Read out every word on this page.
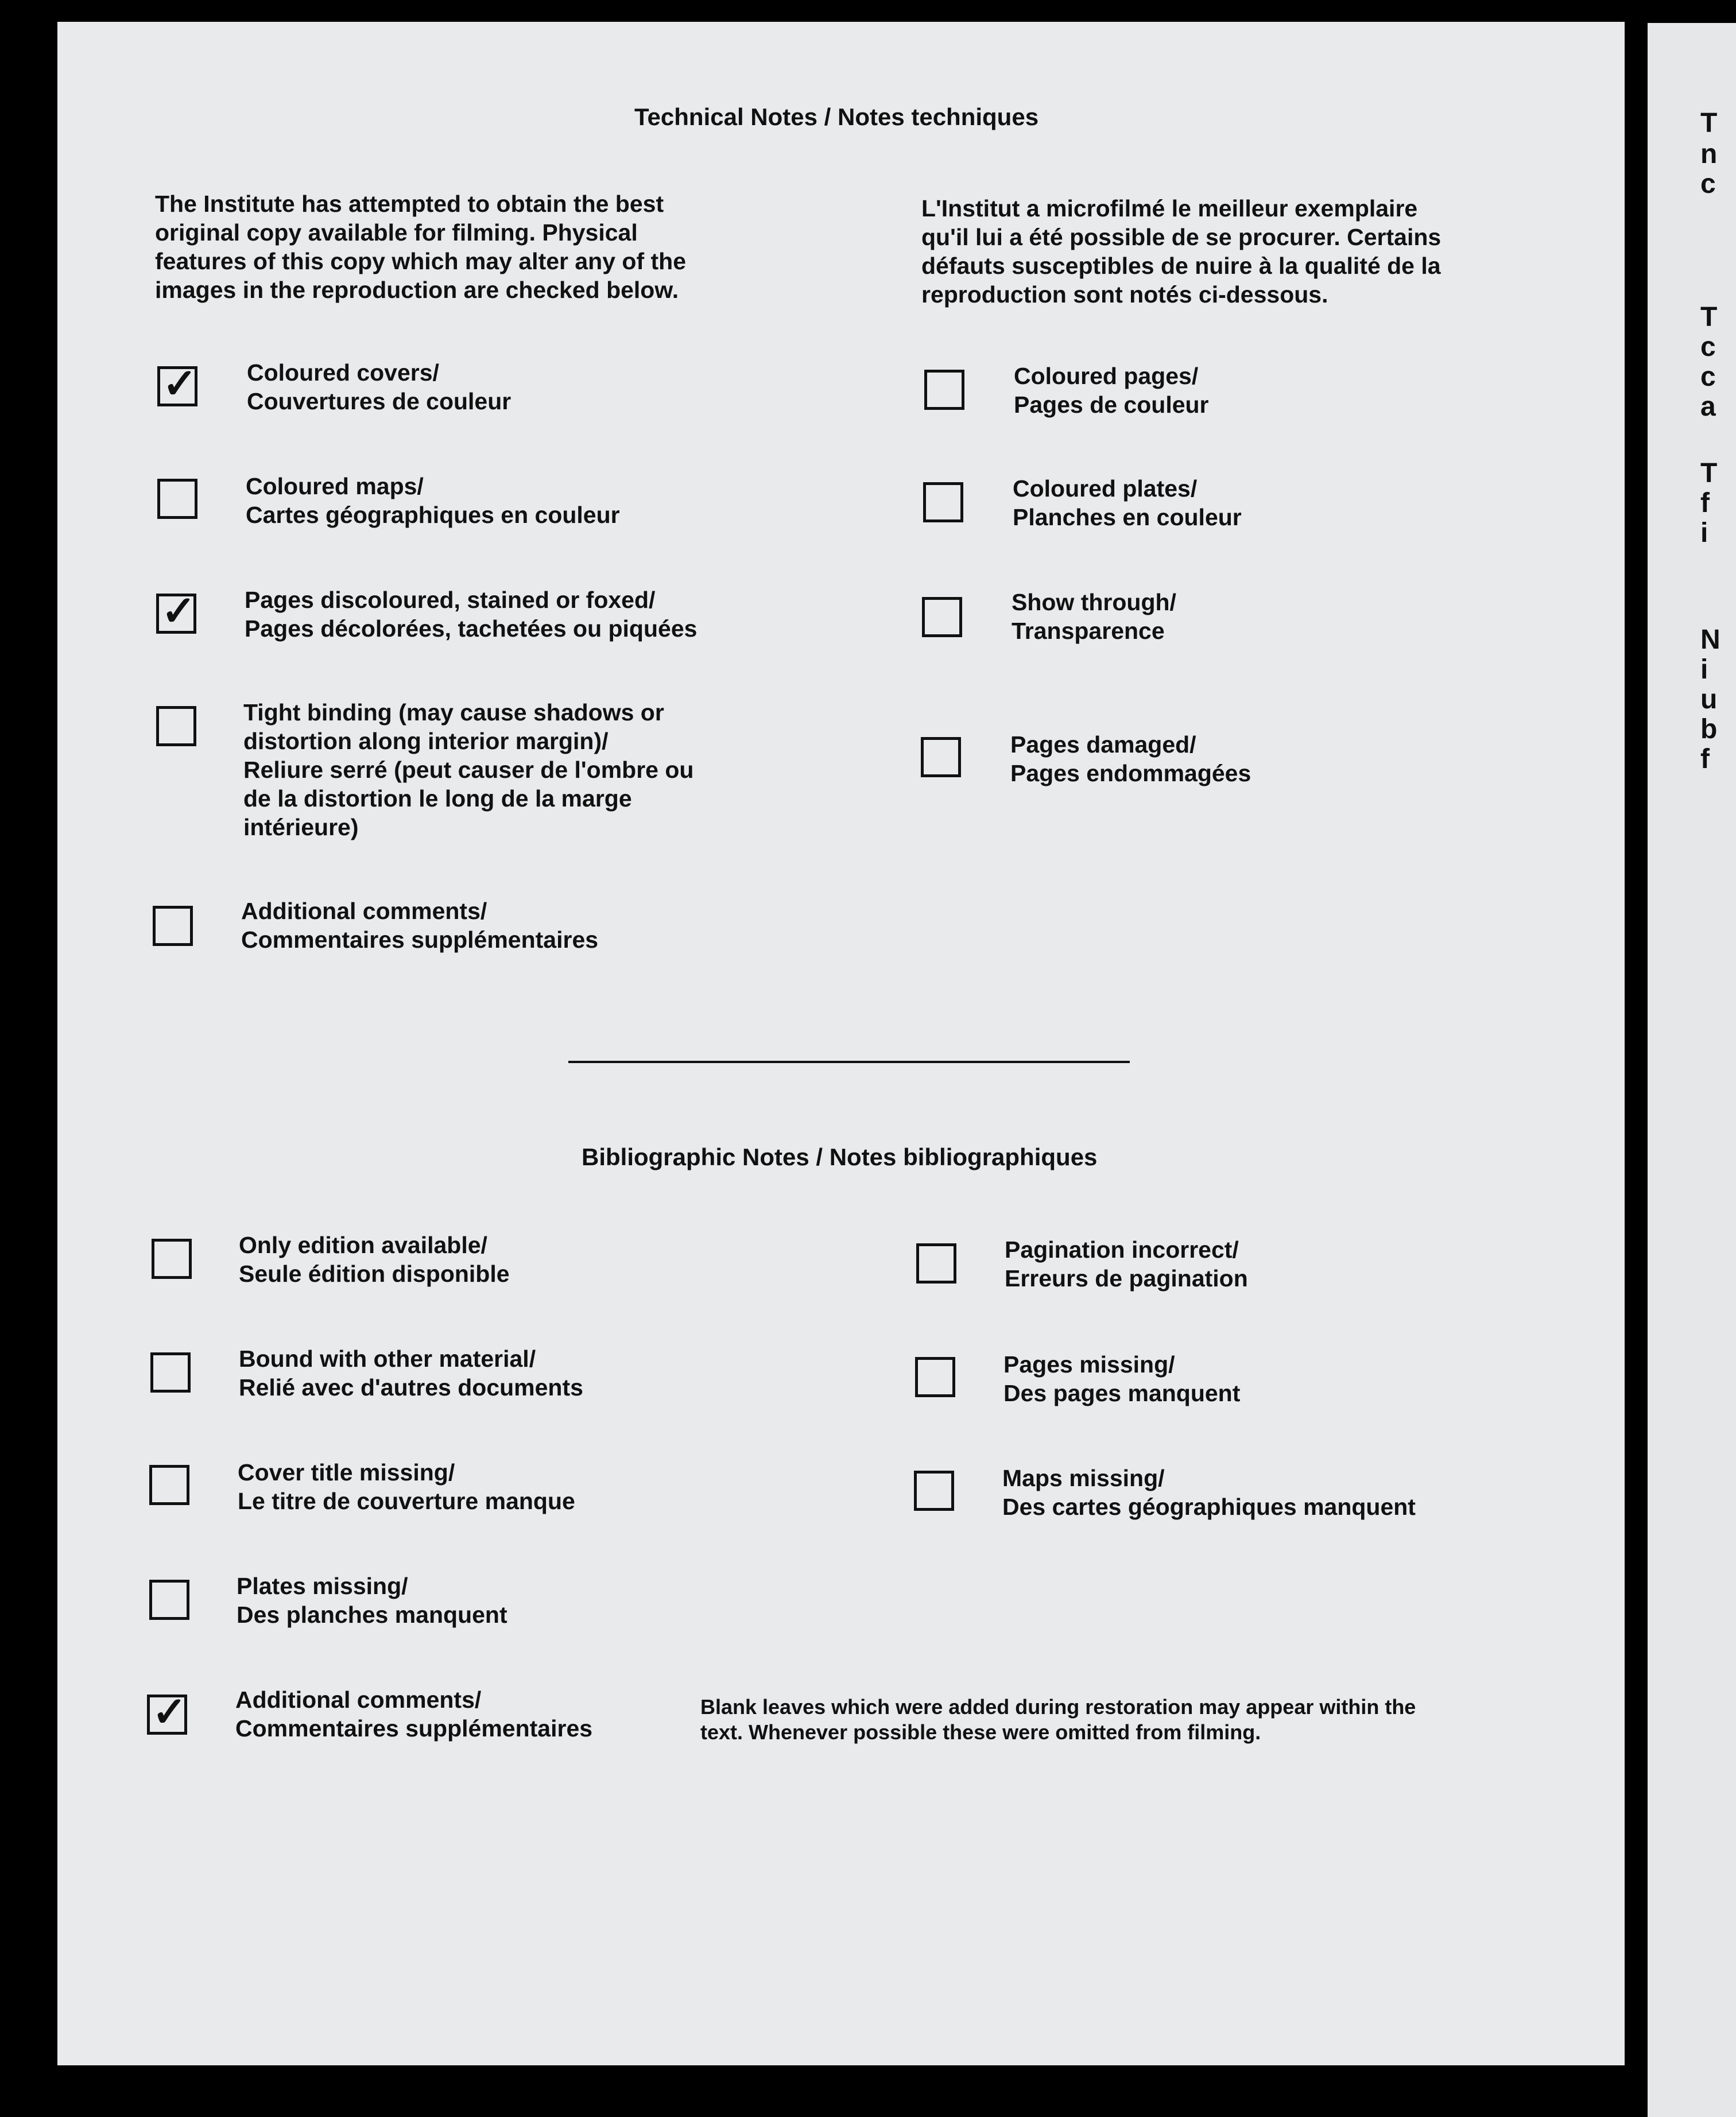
T
n
c
T
c
c
a
T
f
i
N
i
u
b
f
Technical Notes / Notes techniques
The Institute has attempted to obtain the best
original copy available for filming. Physical
features of this copy which may alter any of the
images in the reproduction are checked below.
L'Institut a microfilmé le meilleur exemplaire
qu'il lui a été possible de se procurer. Certains
défauts susceptibles de nuire à la qualité de la
reproduction sont notés ci-dessous.
✓ Coloured covers/
Couvertures de couleur
Coloured maps/
Cartes géographiques en couleur
✓ Pages discoloured, stained or foxed/
Pages décolorées, tachetées ou piquées
Tight binding (may cause shadows or
distortion along interior margin)/
Reliure serré (peut causer de l'ombre ou
de la distortion le long de la marge
intérieure)
Additional comments/
Commentaires supplémentaires
Coloured pages/
Pages de couleur
Coloured plates/
Planches en couleur
Show through/
Transparence
Pages damaged/
Pages endommagées
Bibliographic Notes / Notes bibliographiques
Only edition available/
Seule édition disponible
Bound with other material/
Relié avec d'autres documents
Cover title missing/
Le titre de couverture manque
Plates missing/
Des planches manquent
✓ Additional comments/
Commentaires supplémentaires
Pagination incorrect/
Erreurs de pagination
Pages missing/
Des pages manquent
Maps missing/
Des cartes géographiques manquent
Blank leaves which were added during restoration may appear within the
text. Whenever possible these were omitted from filming.
